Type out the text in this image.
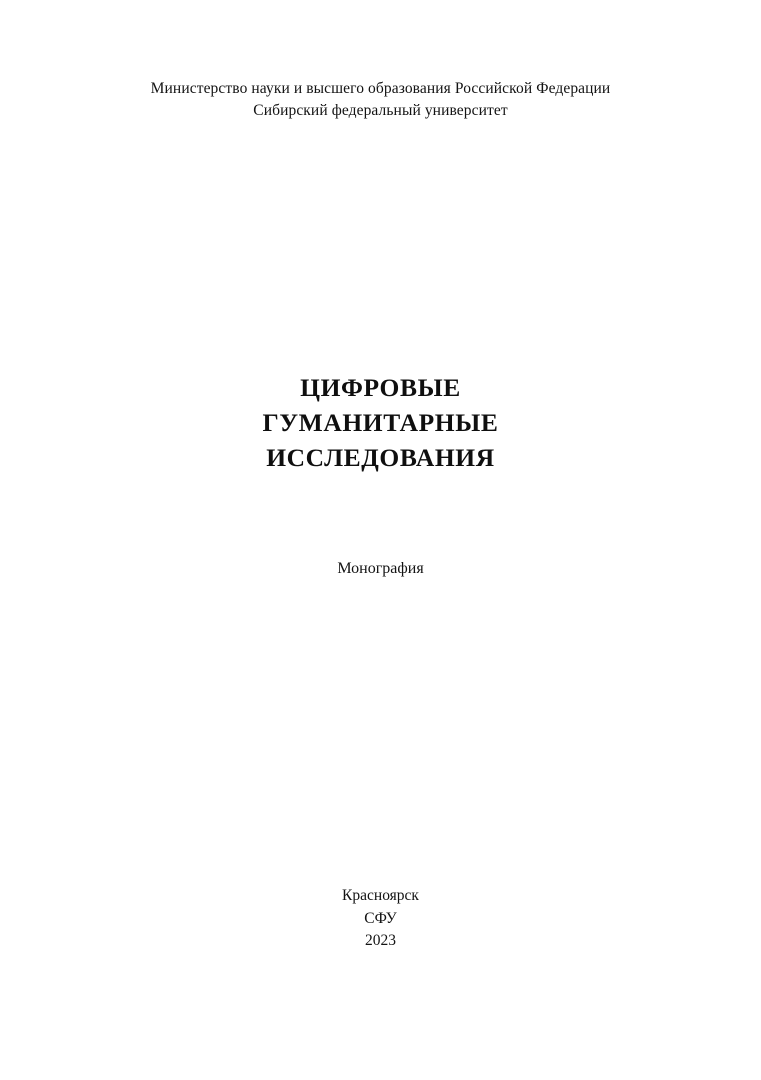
Министерство науки и высшего образования Российской Федерации
Сибирский федеральный университет
ЦИФРОВЫЕ
ГУМАНИТАРНЫЕ
ИССЛЕДОВАНИЯ
Монография
Красноярск
СФУ
2023
